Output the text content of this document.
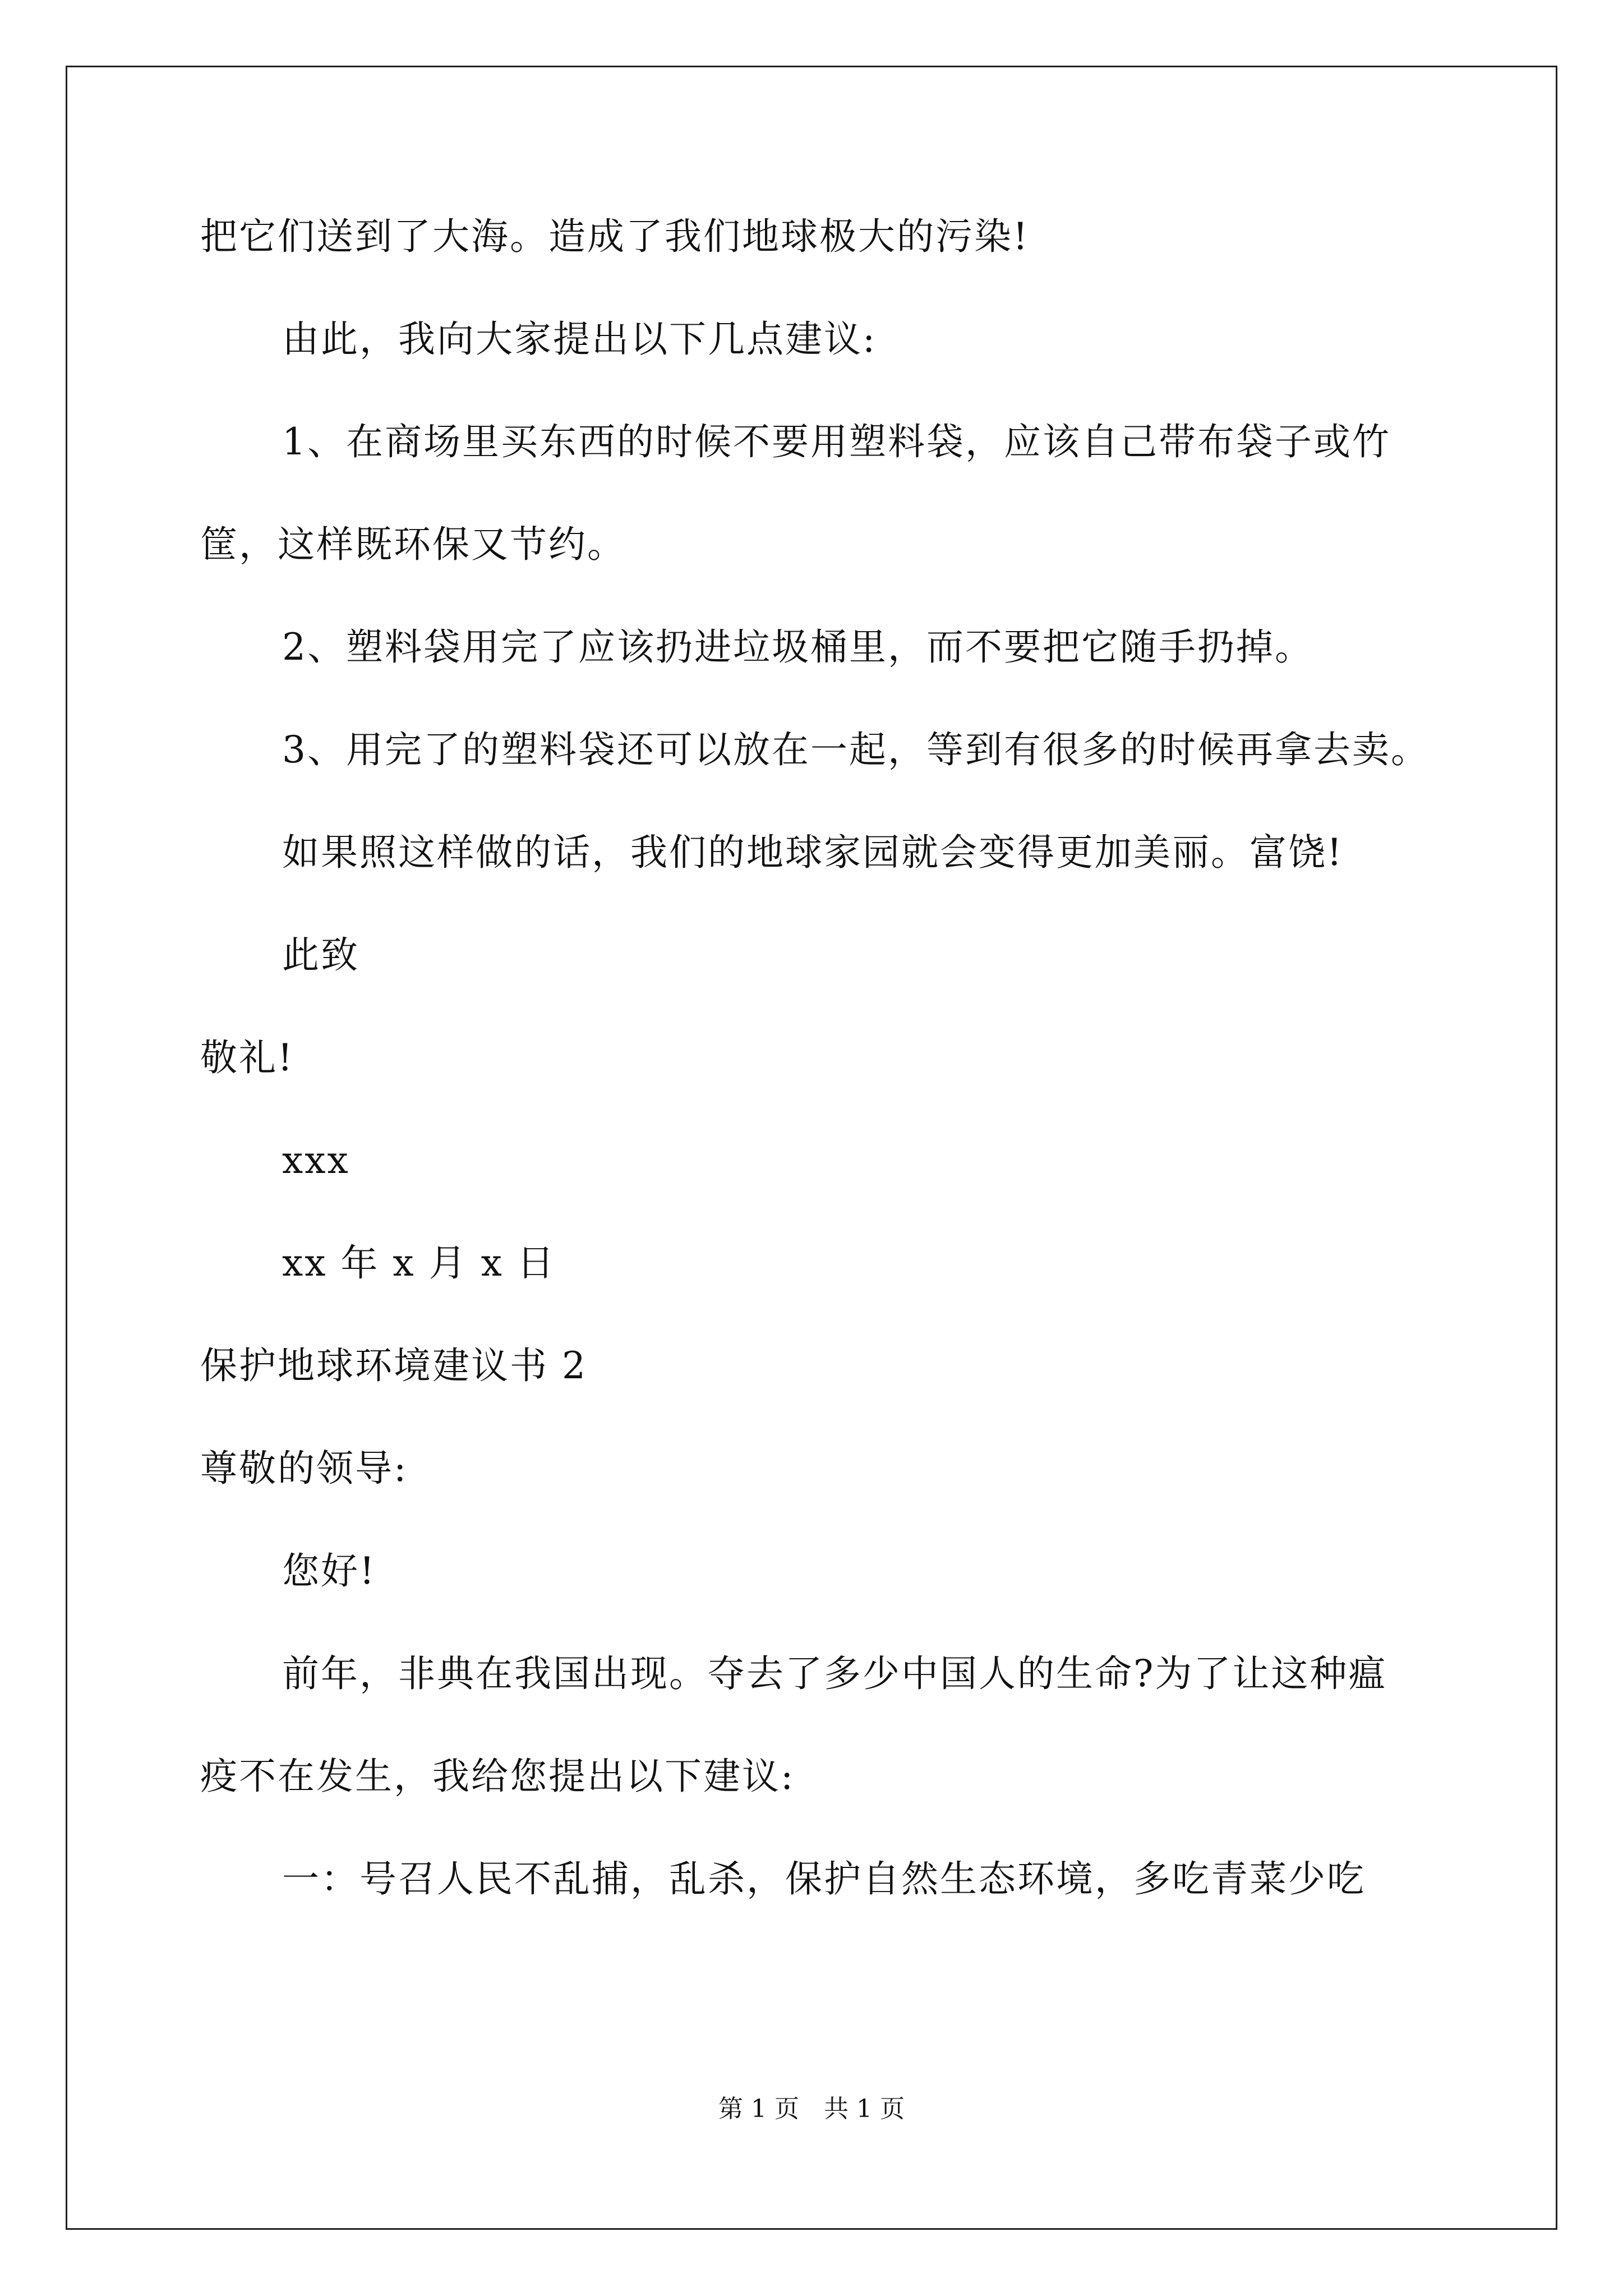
把它们送到了大海。造成了我们地球极大的污染!
由此，我向大家提出以下几点建议:
1、在商场里买东西的时候不要用塑料袋，应该自己带布袋子或竹
筐，这样既环保又节约。
2、塑料袋用完了应该扔进垃圾桶里，而不要把它随手扔掉。
3、用完了的塑料袋还可以放在一起，等到有很多的时候再拿去卖。
如果照这样做的话，我们的地球家园就会变得更加美丽。富饶!
此致
敬礼!
xxx
xx 年 x 月 x 日
保护地球环境建议书 2
尊敬的领导:
您好!
前年，非典在我国出现。夺去了多少中国人的生命?为了让这种瘟
疫不在发生，我给您提出以下建议:
一：号召人民不乱捕，乱杀，保护自然生态环境，多吃青菜少吃
第 1 页　共 1 页
